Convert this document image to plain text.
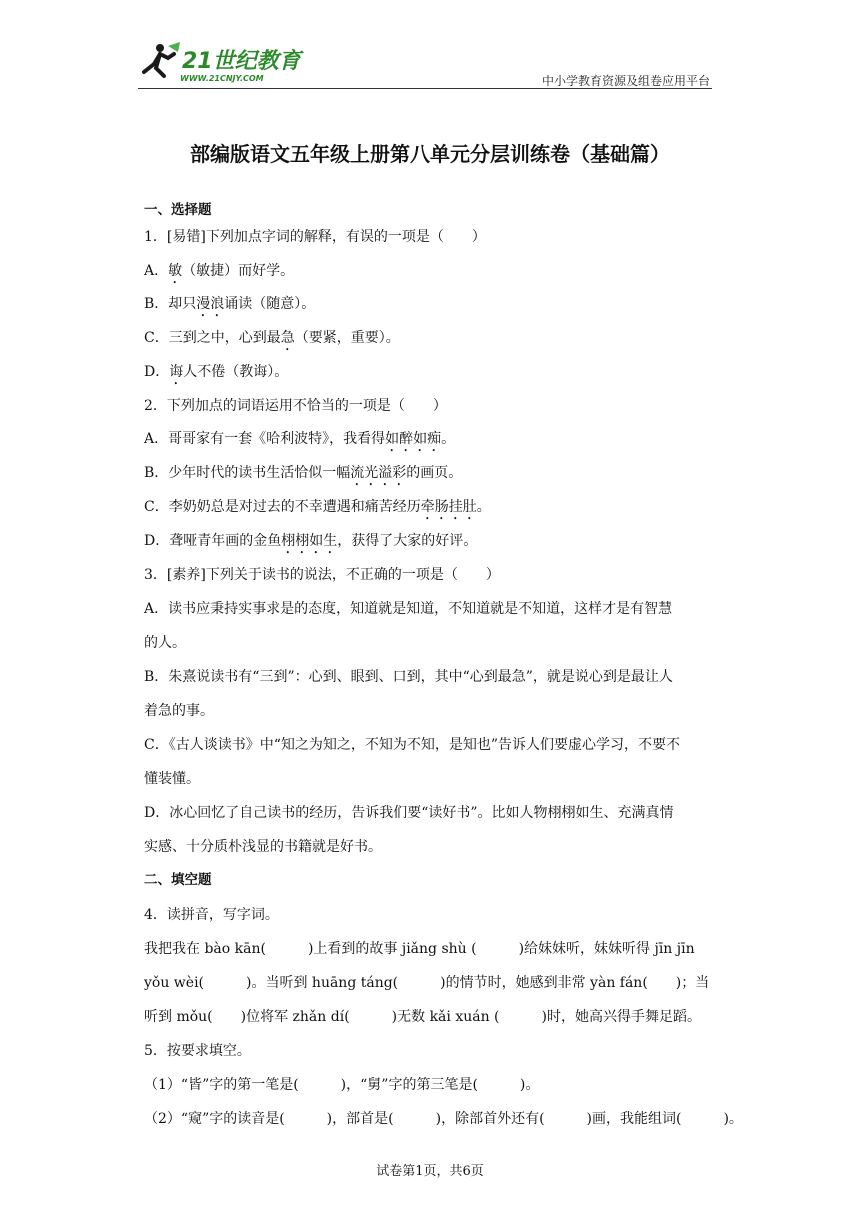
21世纪教育
WWW.21CNJY.COM	中小学教育资源及组卷应用平台
部编版语文五年级上册第八单元分层训练卷（基础篇）
一、选择题
1．[易错]下列加点字词的解释，有误的一项是（　　）
A．敏（敏捷）而好学。
B．却只漫浪诵读（随意）。
C．三到之中，心到最急（要紧，重要）。
D．诲人不倦（教诲）。
2．下列加点的词语运用不恰当的一项是（　　）
A．哥哥家有一套《哈利波特》，我看得如醉如痴。
B．少年时代的读书生活恰似一幅流光溢彩的画页。
C．李奶奶总是对过去的不幸遭遇和痛苦经历牵肠挂肚。
D．聋哑青年画的金鱼栩栩如生，获得了大家的好评。
3．[素养]下列关于读书的说法，不正确的一项是（　　）
A．读书应秉持实事求是的态度，知道就是知道，不知道就是不知道，这样才是有智慧
的人。
B．朱熹说读书有“三到”：心到、眼到、口到，其中“心到最急”，就是说心到是最让人
着急的事。
C．《古人谈读书》中“知之为知之，不知为不知，是知也”告诉人们要虚心学习，不要不
懂装懂。
D．冰心回忆了自己读书的经历，告诉我们要“读好书”。比如人物栩栩如生、充满真情
实感、十分质朴浅显的书籍就是好书。
二、填空题
4．读拼音，写字词。
我把我在 bào kān(　　　)上看到的故事 jiǎng shù (　　　)给妹妹听，妹妹听得 jīn jīn
yǒu wèi(　　　)。当听到 huāng táng(　　　)的情节时，她感到非常 yàn fán(　　)；当
听到 mǒu(　　)位将军 zhǎn dí(　　　)无数 kǎi xuán (　　　)时，她高兴得手舞足蹈。
5．按要求填空。
（1）“皆”字的第一笔是(　　　)，“舅”字的第三笔是(　　　)。
（2）“窥”字的读音是(　　　)，部首是(　　　)，除部首外还有(　　　)画，我能组词(　　　)。
试卷第1页，共6页
